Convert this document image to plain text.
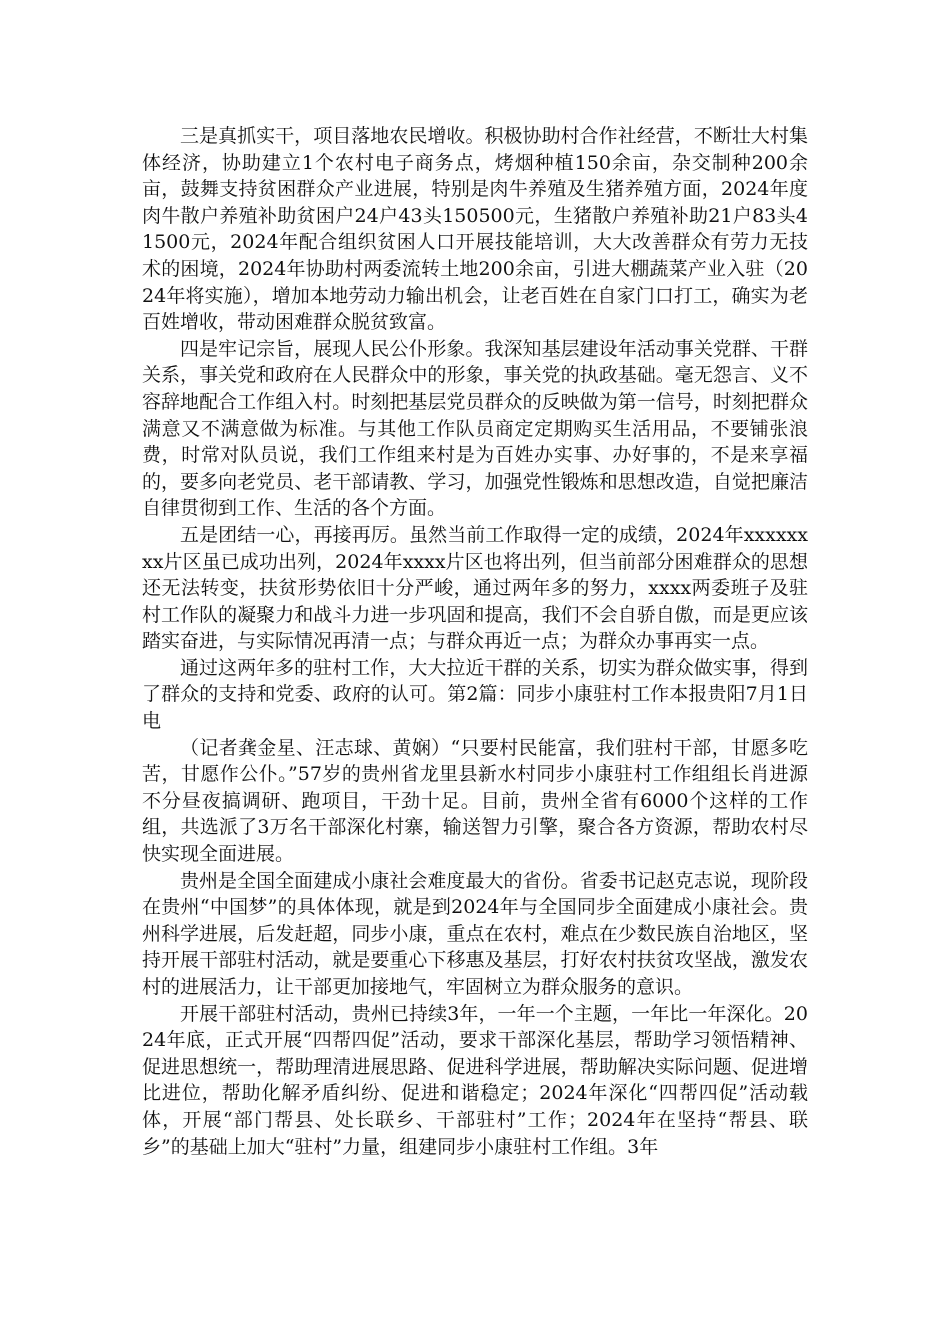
三是真抓实干，项目落地农民增收。积极协助村合作社经营，不断壮大村集体经济，协助建立1个农村电子商务点，烤烟种植150余亩，杂交制种200余亩，鼓舞支持贫困群众产业进展，特别是肉牛养殖及生猪养殖方面，2024年度肉牛散户养殖补助贫困户24户43头150500元，生猪散户养殖补助21户83头41500元，2024年配合组织贫困人口开展技能培训，大大改善群众有劳力无技术的困境，2024年协助村两委流转土地200余亩，引进大棚蔬菜产业入驻（2024年将实施），增加本地劳动力输出机会，让老百姓在自家门口打工，确实为老百姓增收，带动困难群众脱贫致富。

四是牢记宗旨，展现人民公仆形象。我深知基层建设年活动事关党群、干群关系，事关党和政府在人民群众中的形象，事关党的执政基础。毫无怨言、义不容辞地配合工作组入村。时刻把基层党员群众的反映做为第一信号，时刻把群众满意又不满意做为标准。与其他工作队员商定定期购买生活用品，不要铺张浪费，时常对队员说，我们工作组来村是为百姓办实事、办好事的，不是来享福的，要多向老党员、老干部请教、学习，加强党性锻炼和思想改造，自觉把廉洁自律贯彻到工作、生活的各个方面。

五是团结一心，再接再厉。虽然当前工作取得一定的成绩，2024年xxxxxxxx片区虽已成功出列，2024年xxxx片区也将出列，但当前部分困难群众的思想还无法转变，扶贫形势依旧十分严峻，通过两年多的努力，xxxx两委班子及驻村工作队的凝聚力和战斗力进一步巩固和提高，我们不会自骄自傲，而是更应该踏实奋进，与实际情况再清一点；与群众再近一点；为群众办事再实一点。

通过这两年多的驻村工作，大大拉近干群的关系，切实为群众做实事，得到了群众的支持和党委、政府的认可。第2篇：同步小康驻村工作本报贵阳7月1日电

（记者龚金星、汪志球、黄娴）“只要村民能富，我们驻村干部，甘愿多吃苦，甘愿作公仆。”57岁的贵州省龙里县新水村同步小康驻村工作组组长肖进源不分昼夜搞调研、跑项目，干劲十足。目前，贵州全省有6000个这样的工作组，共选派了3万名干部深化村寨，输送智力引擎，聚合各方资源，帮助农村尽快实现全面进展。

贵州是全国全面建成小康社会难度最大的省份。省委书记赵克志说，现阶段在贵州“中国梦”的具体体现，就是到2024年与全国同步全面建成小康社会。贵州科学进展，后发赶超，同步小康，重点在农村，难点在少数民族自治地区，坚持开展干部驻村活动，就是要重心下移惠及基层，打好农村扶贫攻坚战，激发农村的进展活力，让干部更加接地气，牢固树立为群众服务的意识。

开展干部驻村活动，贵州已持续3年，一年一个主题，一年比一年深化。2024年底，正式开展“四帮四促”活动，要求干部深化基层，帮助学习领悟精神、促进思想统一，帮助理清进展思路、促进科学进展，帮助解决实际问题、促进增比进位，帮助化解矛盾纠纷、促进和谐稳定；2024年深化“四帮四促”活动载体，开展“部门帮县、处长联乡、干部驻村”工作；2024年在坚持“帮县、联乡”的基础上加大“驻村”力量，组建同步小康驻村工作组。3年
